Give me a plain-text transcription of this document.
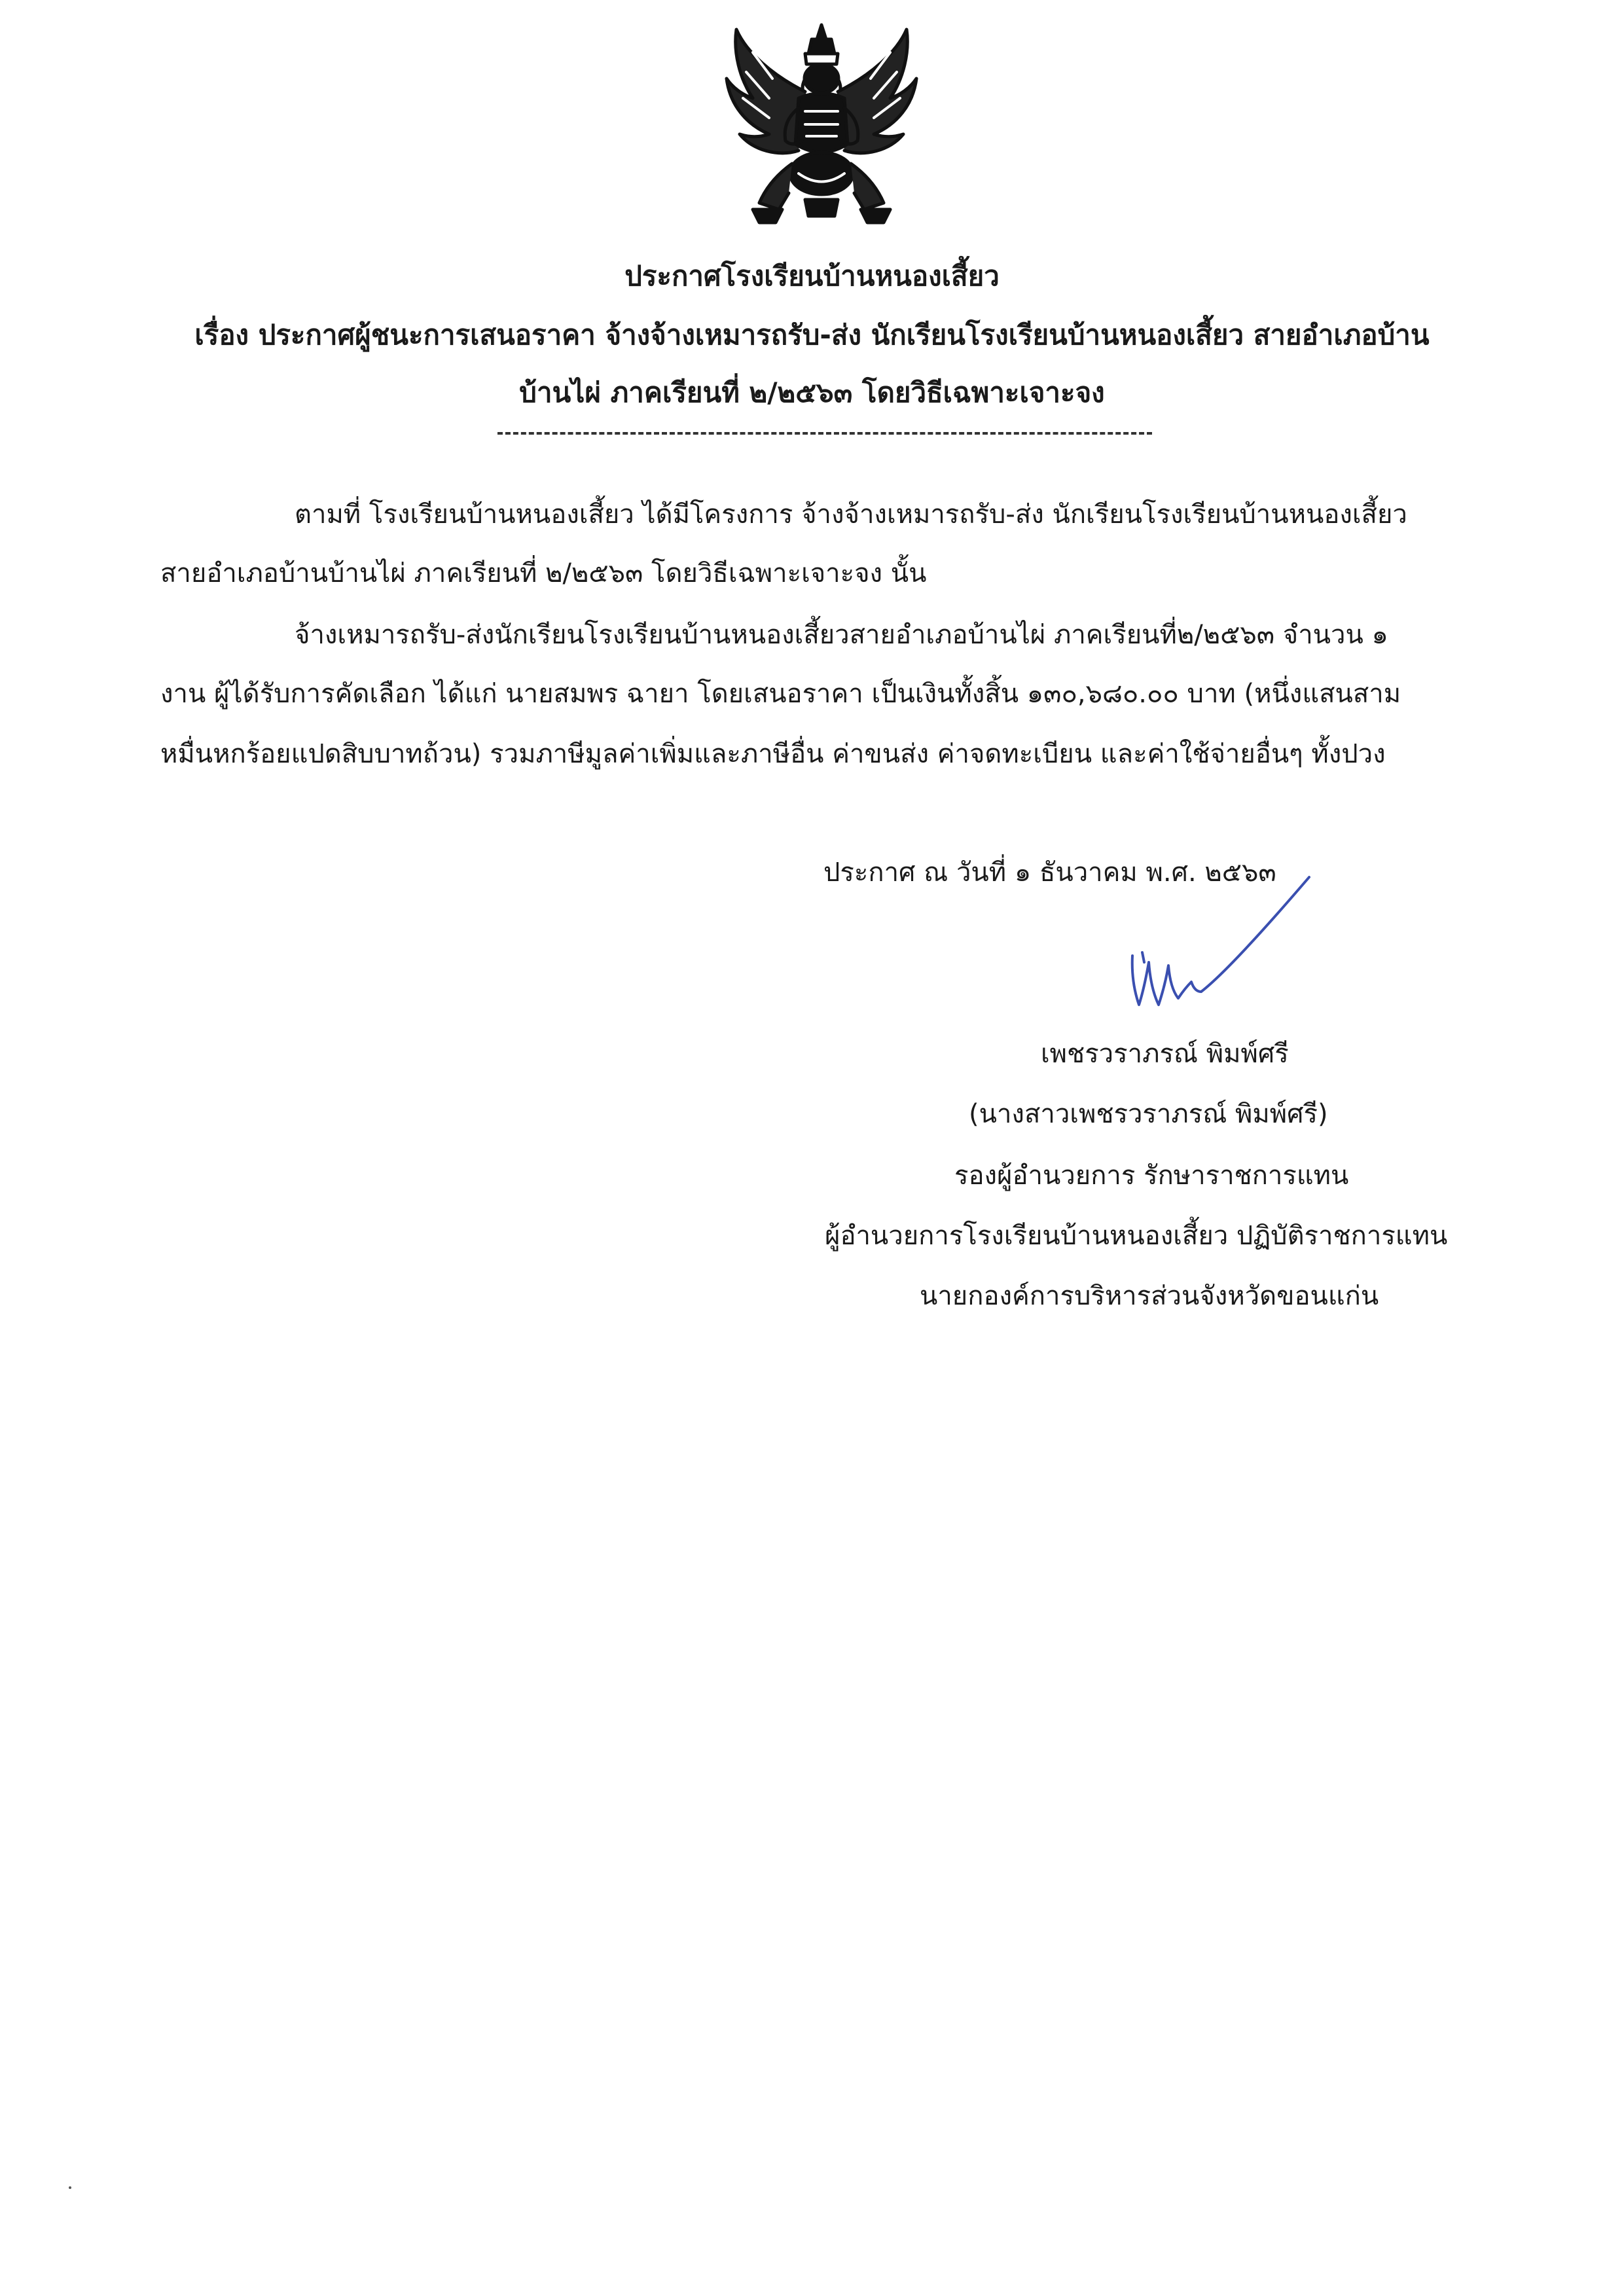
ประกาศโรงเรียนบ้านหนองเสี้ยว
เรื่อง ประกาศผู้ชนะการเสนอราคา จ้างจ้างเหมารถรับ-ส่ง นักเรียนโรงเรียนบ้านหนองเสี้ยว สายอำเภอบ้าน
บ้านไผ่ ภาคเรียนที่ ๒/๒๕๖๓ โดยวิธีเฉพาะเจาะจง
ตามที่ โรงเรียนบ้านหนองเสี้ยว ได้มีโครงการ จ้างจ้างเหมารถรับ-ส่ง นักเรียนโรงเรียนบ้านหนองเสี้ยว
สายอำเภอบ้านบ้านไผ่ ภาคเรียนที่ ๒/๒๕๖๓ โดยวิธีเฉพาะเจาะจง นั้น
จ้างเหมารถรับ-ส่งนักเรียนโรงเรียนบ้านหนองเสี้ยวสายอำเภอบ้านไผ่ ภาคเรียนที่๒/๒๕๖๓ จำนวน ๑
งาน ผู้ได้รับการคัดเลือก ได้แก่ นายสมพร ฉายา โดยเสนอราคา เป็นเงินทั้งสิ้น ๑๓๐,๖๘๐.๐๐ บาท (หนึ่งแสนสาม
หมื่นหกร้อยแปดสิบบาทถ้วน) รวมภาษีมูลค่าเพิ่มและภาษีอื่น ค่าขนส่ง ค่าจดทะเบียน และค่าใช้จ่ายอื่นๆ ทั้งปวง
ประกาศ ณ วันที่ ๑ ธันวาคม พ.ศ. ๒๕๖๓
เพชรวราภรณ์ พิมพ์ศรี
(นางสาวเพชรวราภรณ์ พิมพ์ศรี)
รองผู้อำนวยการ รักษาราชการแทน
ผู้อำนวยการโรงเรียนบ้านหนองเสี้ยว ปฏิบัติราชการแทน
นายกองค์การบริหารส่วนจังหวัดขอนแก่น
